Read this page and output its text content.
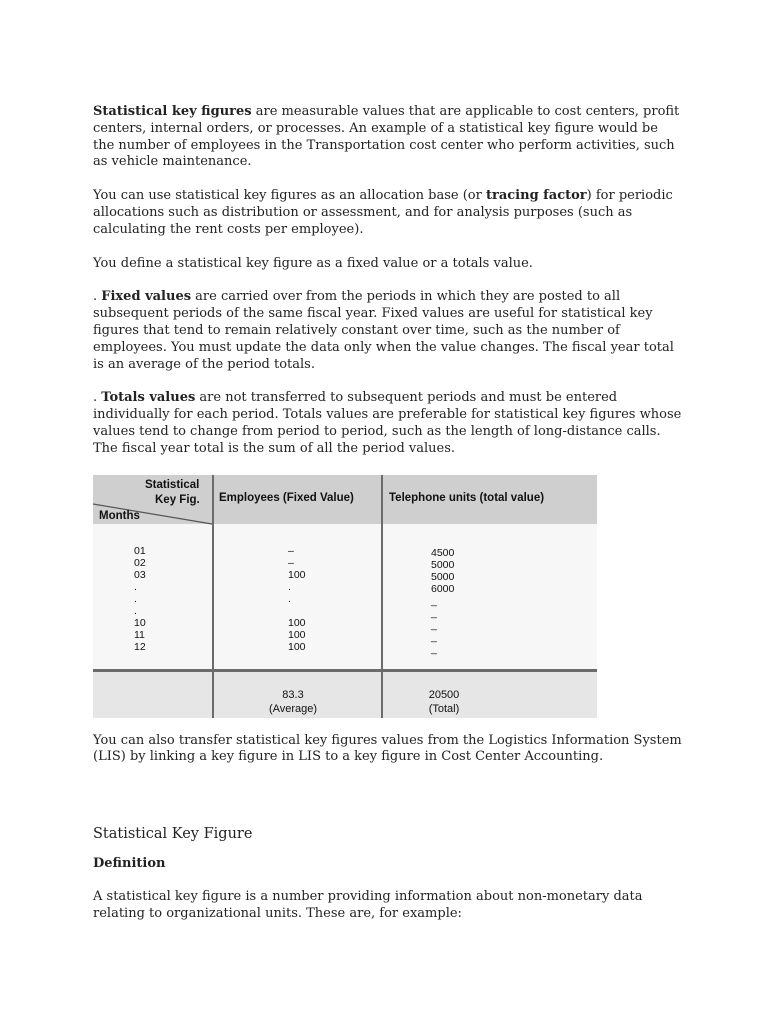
Statistical key figures are measurable values that are applicable to cost centers, profit centers, internal orders, or processes. An example of a statistical key figure would be the number of employees in the Transportation cost center who perform activities, such as vehicle maintenance.

You can use statistical key figures as an allocation base (or tracing factor) for periodic allocations such as distribution or assessment, and for analysis purposes (such as calculating the rent costs per employee).

You define a statistical key figure as a fixed value or a totals value.

. Fixed values are carried over from the periods in which they are posted to all subsequent periods of the same fiscal year. Fixed values are useful for statistical key figures that tend to remain relatively constant over time, such as the number of employees. You must update the data only when the value changes. The fiscal year total is an average of the period totals.

. Totals values are not transferred to subsequent periods and must be entered individually for each period. Totals values are preferable for statistical key figures whose values tend to change from period to period, such as the length of long-distance calls. The fiscal year total is the sum of all the period values.

Statistical
Key Fig.
Months
Employees (Fixed Value)	Telephone units (total value)
01
02
03
.
.
.
10
11
12
–
–
100
.
.

100
100
100
4500
5000
5000
6000
_
_
_
_
_
83.3
(Average)
20500
(Total)

You can also transfer statistical key figures values from the Logistics Information System (LIS) by linking a key figure in LIS to a key figure in Cost Center Accounting.

Statistical Key Figure
Definition

A statistical key figure is a number providing information about non-monetary data relating to organizational units. These are, for example:
